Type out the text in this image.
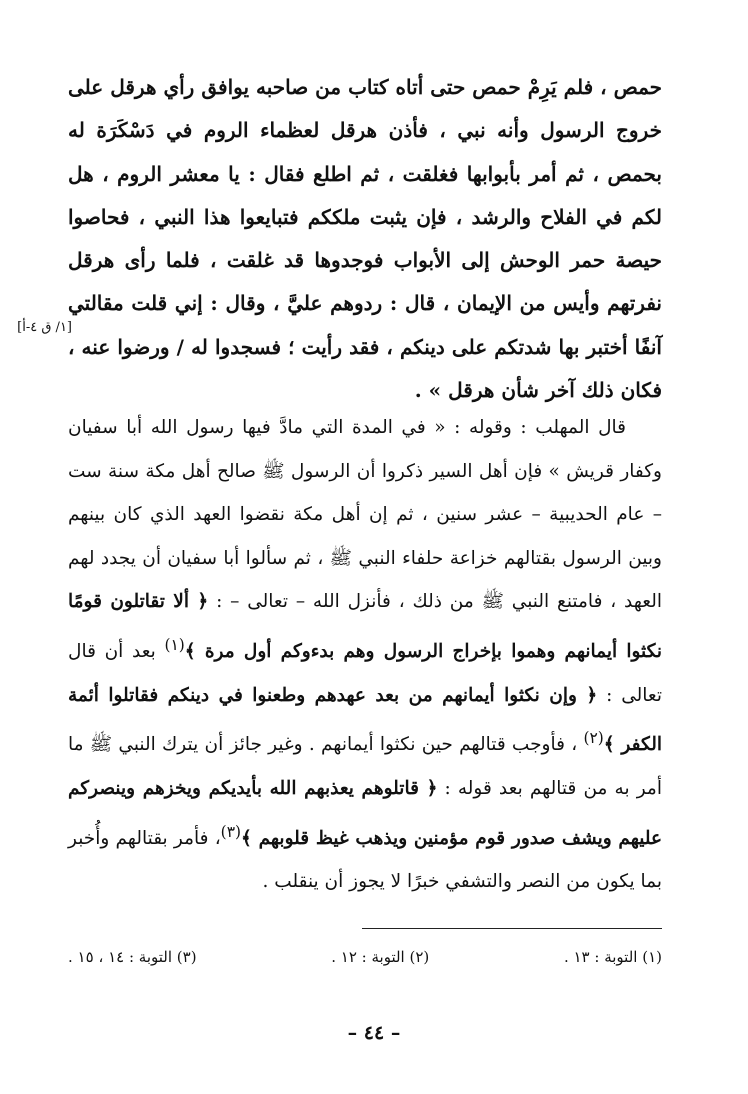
حمص ، فلم يَرِمْ حمص حتى أتاه كتاب من صاحبه يوافق رأي هرقل على خروج الرسول وأنه نبي ، فأذن هرقل لعظماء الروم في دَسْكَرَة له بحمص ، ثم أمر بأبوابها فغلقت ، ثم اطلع فقال : يا معشر الروم ، هل لكم في الفلاح والرشد ، فإن يثبت ملككم فتبايعوا هذا النبي ، فحاصوا حيصة حمر الوحش إلى الأبواب فوجدوها قد غلقت ، فلما رأى هرقل نفرتهم وأيس من الإيمان ، قال : ردوهم عليَّ ، وقال : إني قلت مقالتي آنفًا أختبر بها شدتكم على دينكم ، فقد رأيت ؛ فسجدوا له / ورضوا عنه ، فكان ذلك آخر شأن هرقل » .
[١/ ق ٤-أ]

قال المهلب : وقوله : « في المدة التي مادَّ فيها رسول الله أبا سفيان وكفار قريش » فإن أهل السير ذكروا أن الرسول ﷺ صالح أهل مكة سنة ست – عام الحديبية – عشر سنين ، ثم إن أهل مكة نقضوا العهد الذي كان بينهم وبين الرسول بقتالهم خزاعة حلفاء النبي ﷺ ، ثم سألوا أبا سفيان أن يجدد لهم العهد ، فامتنع النبي ﷺ من ذلك ، فأنزل الله – تعالى – : ﴿ ألا تقاتلون قومًا نكثوا أيمانهم وهموا بإخراج الرسول وهم بدءوكم أول مرة ﴾$^{(١)}$ بعد أن قال تعالى : ﴿ وإن نكثوا أيمانهم من بعد عهدهم وطعنوا في دينكم فقاتلوا أئمة الكفر ﴾$^{(٢)}$ ، فأوجب قتالهم حين نكثوا أيمانهم . وغير جائز أن يترك النبي ﷺ ما أمر به من قتالهم بعد قوله : ﴿ قاتلوهم يعذبهم الله بأيديكم ويخزهم وينصركم عليهم ويشف صدور قوم مؤمنين ويذهب غيظ قلوبهم ﴾$^{(٣)}$، فأمر بقتالهم وأُخبر بما يكون من النصر والتشفي خبرًا لا يجوز أن ينقلب .

(١) التوبة : ١٣ .
(٢) التوبة : ١٢ .
(٣) التوبة : ١٤ ، ١٥ .
– ٤٤ –
